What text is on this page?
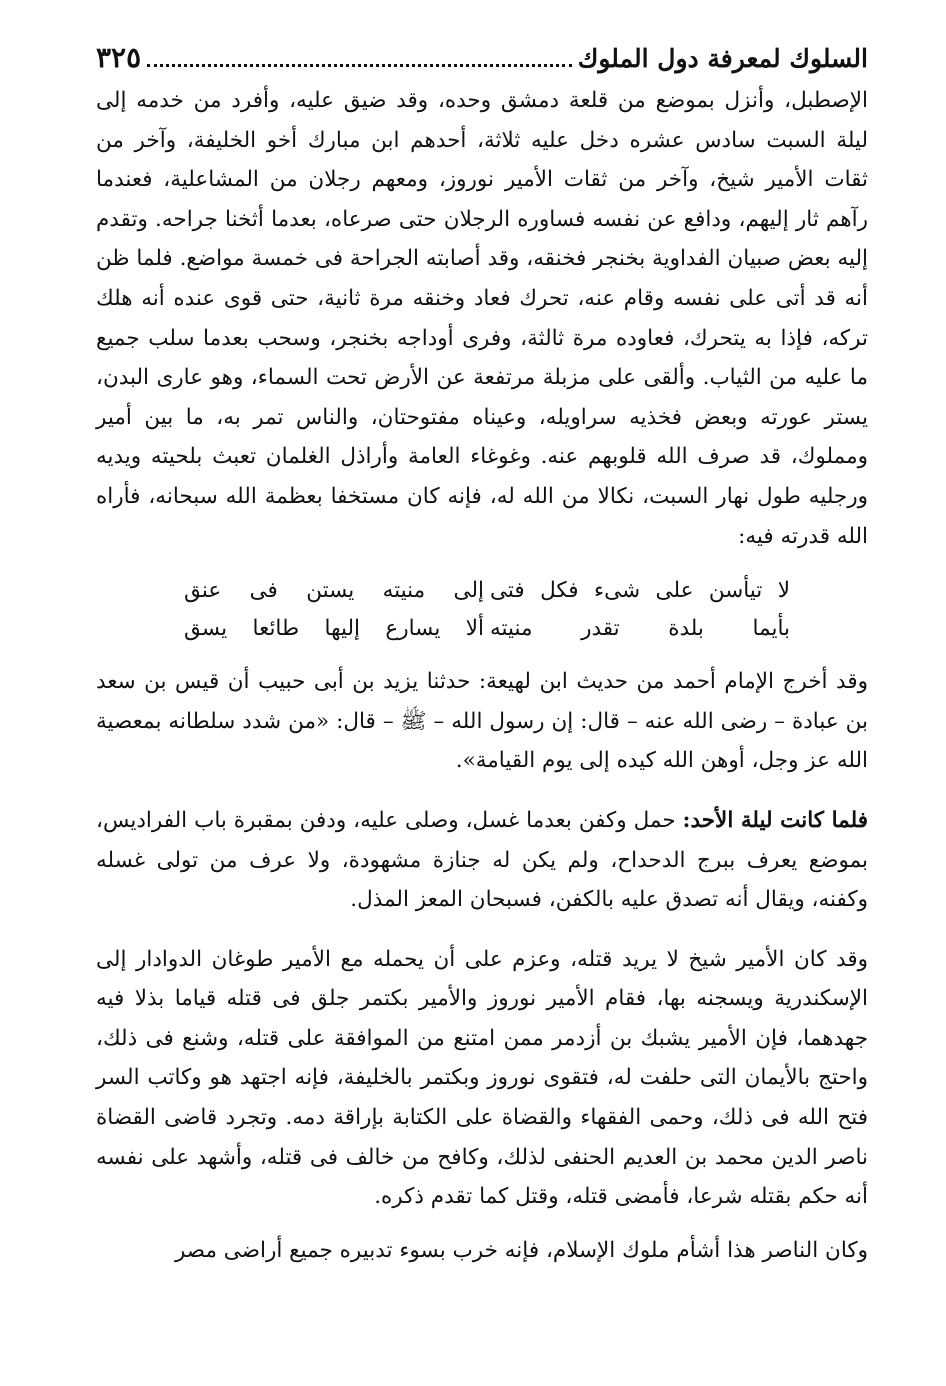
السلوك لمعرفة دول الملوك
٣٢٥

الإصطبل، وأنزل بموضع من قلعة دمشق وحده، وقد ضيق عليه، وأفرد من خدمه إلى ليلة السبت سادس عشره دخل عليه ثلاثة، أحدهم ابن مبارك أخو الخليفة، وآخر من ثقات الأمير شيخ، وآخر من ثقات الأمير نوروز، ومعهم رجلان من المشاعلية، فعندما رآهم ثار إليهم، ودافع عن نفسه فساوره الرجلان حتى صرعاه، بعدما أثخنا جراحه. وتقدم إليه بعض صبيان الفداوية بخنجر فخنقه، وقد أصابته الجراحة فى خمسة مواضع. فلما ظن أنه قد أتى على نفسه وقام عنه، تحرك فعاد وخنقه مرة ثانية، حتى قوى عنده أنه هلك تركه، فإذا به يتحرك، فعاوده مرة ثالثة، وفرى أوداجه بخنجر، وسحب بعدما سلب جميع ما عليه من الثياب. وألقى على مزبلة مرتفعة عن الأرض تحت السماء، وهو عارى البدن، يستر عورته وبعض فخذيه سراويله، وعيناه مفتوحتان، والناس تمر به، ما بين أمير ومملوك، قد صرف الله قلوبهم عنه. وغوغاء العامة وأراذل الغلمان تعبث بلحيته ويديه ورجليه طول نهار السبت، نكالا من الله له، فإنه كان مستخفا بعظمة الله سبحانه، فأراه الله قدرته فيه:

لا تيأسن على شىء فكل فتى
إلى منيته يستن فى عنق
بأيما بلدة تقدر منيته
ألا يسارع إليها طائعا يسق

وقد أخرج الإمام أحمد من حديث ابن لهيعة: حدثنا يزيد بن أبى حبيب أن قيس بن سعد بن عبادة – رضى الله عنه – قال: إن رسول الله – ﷺ – قال: «من شدد سلطانه بمعصية الله عز وجل، أوهن الله كيده إلى يوم القيامة».

فلما كانت ليلة الأحد: حمل وكفن بعدما غسل، وصلى عليه، ودفن بمقبرة باب الفراديس، بموضع يعرف ببرج الدحداح، ولم يكن له جنازة مشهودة، ولا عرف من تولى غسله وكفنه، ويقال أنه تصدق عليه بالكفن، فسبحان المعز المذل.

وقد كان الأمير شيخ لا يريد قتله، وعزم على أن يحمله مع الأمير طوغان الدوادار إلى الإسكندرية ويسجنه بها، فقام الأمير نوروز والأمير بكتمر جلق فى قتله قياما بذلا فيه جهدهما، فإن الأمير يشبك بن أزدمر ممن امتنع من الموافقة على قتله، وشنع فى ذلك، واحتج بالأيمان التى حلفت له، فتقوى نوروز وبكتمر بالخليفة، فإنه اجتهد هو وكاتب السر فتح الله فى ذلك، وحمى الفقهاء والقضاة على الكتابة بإراقة دمه. وتجرد قاضى القضاة ناصر الدين محمد بن العديم الحنفى لذلك، وكافح من خالف فى قتله، وأشهد على نفسه أنه حكم بقتله شرعا، فأمضى قتله، وقتل كما تقدم ذكره.

وكان الناصر هذا أشأم ملوك الإسلام، فإنه خرب بسوء تدبيره جميع أراضى مصر
